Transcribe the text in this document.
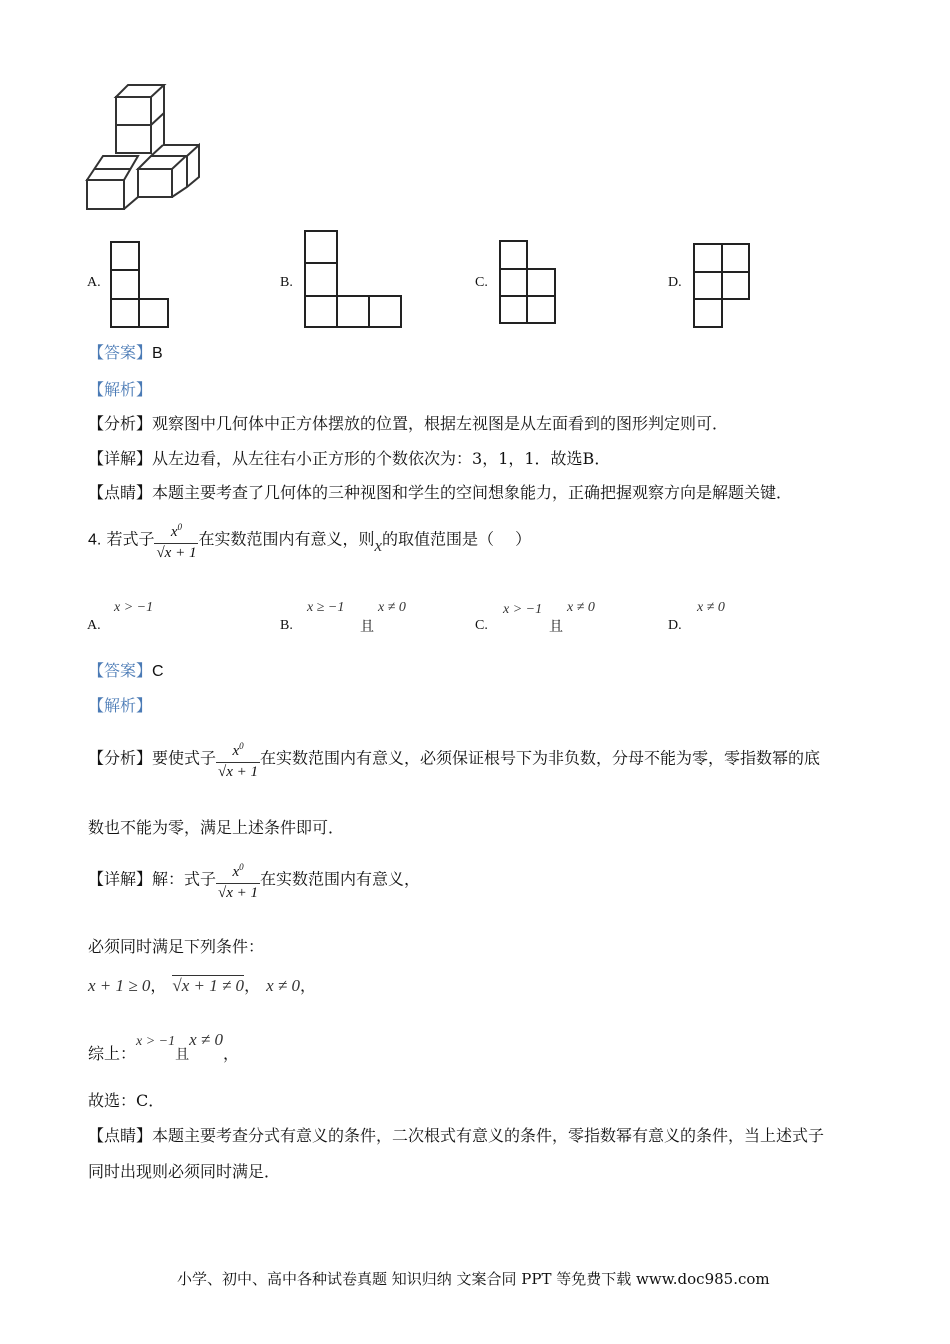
A.	B.	C.	D.
【答案】B
【解析】
【分析】观察图中几何体中正方体摆放的位置，根据左视图是从左面看到的图形判定则可．
【详解】从左边看，从左往右小正方形的个数依次为：3，1，1．故选B．
【点睛】本题主要考查了几何体的三种视图和学生的空间想象能力，正确把握观察方向是解题关键．
4. 若式子 $\frac{x^0}{√x + 1}$ 在实数范围内有意义，则x的取值范围是（　 ）
A.
x > −1
B.
x ≥ −1
且
x ≠ 0
C.
x > −1
且
x ≠ 0
D.
x ≠ 0
【答案】C
【解析】
【分析】要使式子 $\frac{x^0}{√x + 1}$ 在实数范围内有意义，必须保证根号下为非负数，分母不能为零，零指数幂的底
数也不能为零，满足上述条件即可．
【详解】解：式子 $\frac{x^0}{√x + 1}$ 在实数范围内有意义，
必须同时满足下列条件：
x + 1 ≥ 0， √x + 1 ≠ 0， x ≠ 0，
综上：x > −1且x ≠ 0，
故选：C．
【点睛】本题主要考查分式有意义的条件，二次根式有意义的条件，零指数幂有意义的条件，当上述式子
同时出现则必须同时满足．
小学、初中、高中各种试卷真题 知识归纳 文案合同 PPT 等免费下载 www.doc985.com
